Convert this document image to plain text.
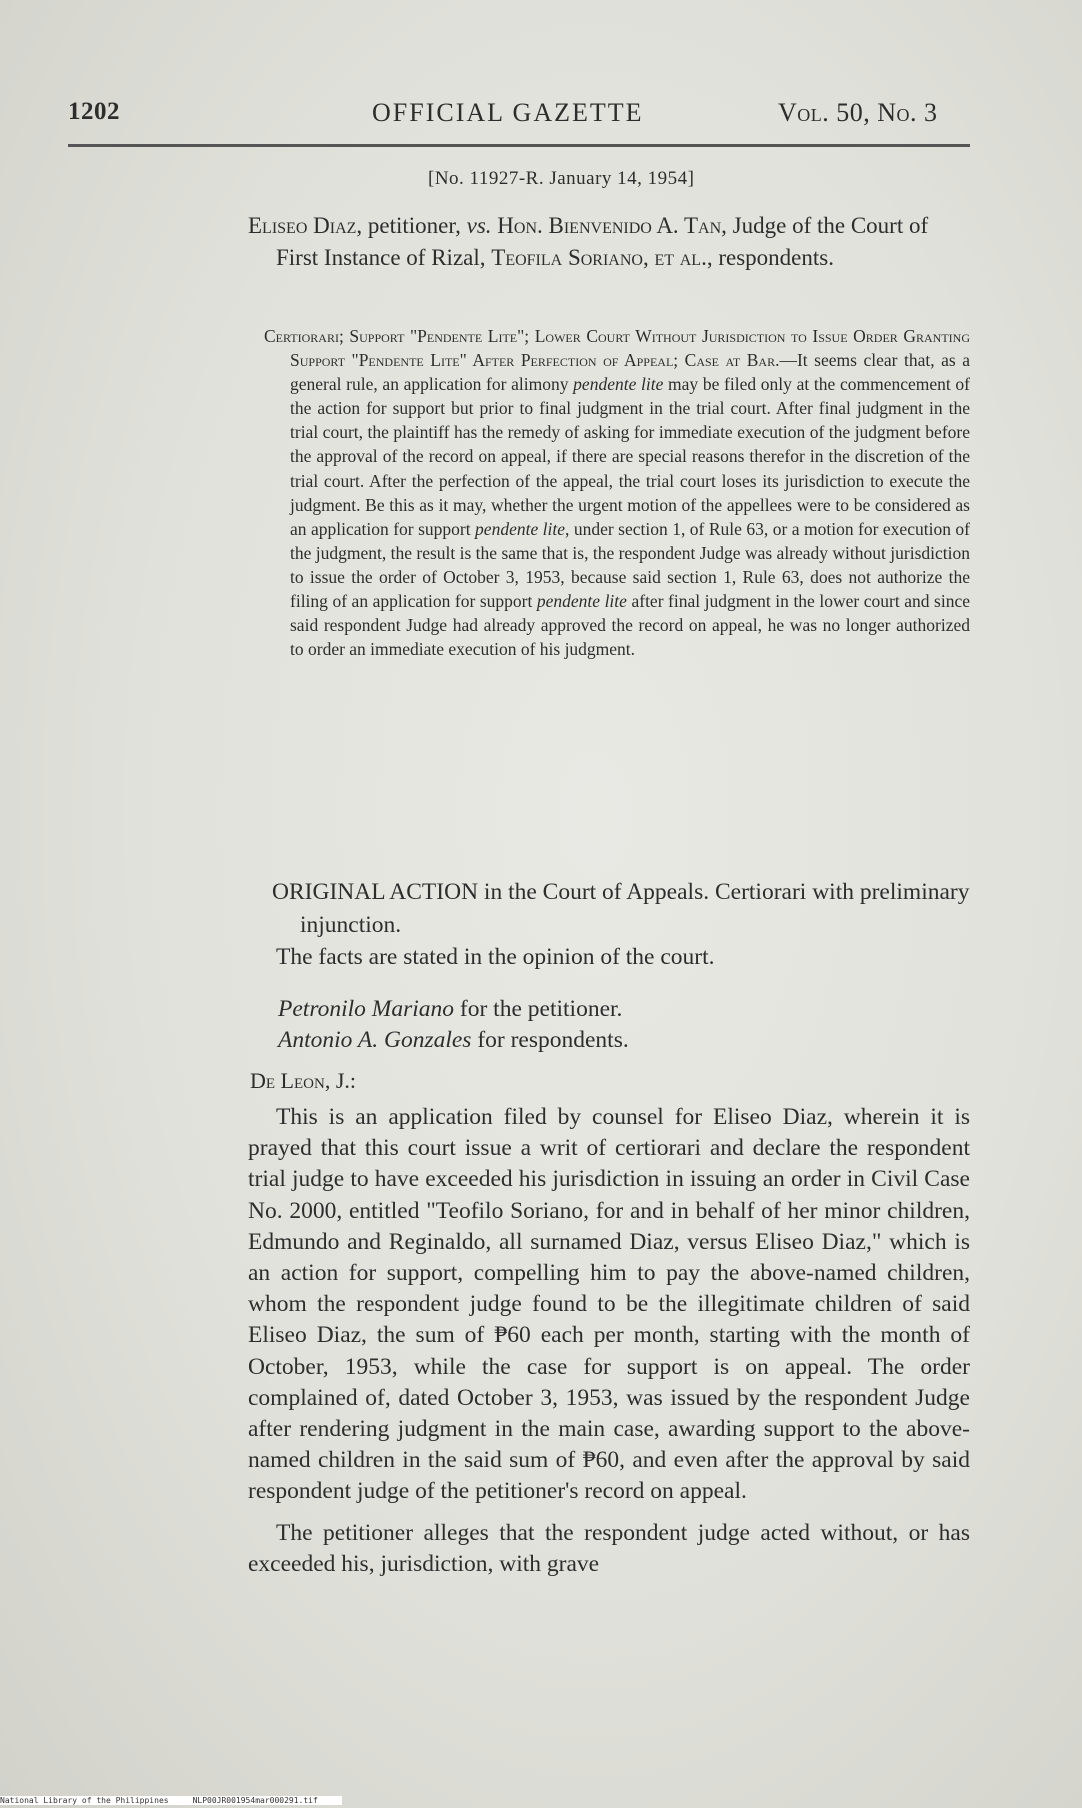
1202	OFFICIAL GAZETTE	Vol. 50, No. 3
[No. 11927-R. January 14, 1954]
Eliseo Diaz, petitioner, vs. Hon. Bienvenido A. Tan, Judge of the Court of First Instance of Rizal, Teofila Soriano, et al., respondents.
Certiorari; Support "Pendente Lite"; Lower Court Without Jurisdiction to Issue Order Granting Support "Pendente Lite" After Perfection of Appeal; Case at Bar.—It seems clear that, as a general rule, an application for alimony pendente lite may be filed only at the commencement of the action for support but prior to final judgment in the trial court. After final judgment in the trial court, the plaintiff has the remedy of asking for immediate execution of the judgment before the approval of the record on appeal, if there are special reasons therefor in the discretion of the trial court. After the perfection of the appeal, the trial court loses its jurisdiction to execute the judgment. Be this as it may, whether the urgent motion of the appellees were to be considered as an application for support pendente lite, under section 1, of Rule 63, or a motion for execution of the judgment, the result is the same that is, the respondent Judge was already without jurisdiction to issue the order of October 3, 1953, because said section 1, Rule 63, does not authorize the filing of an application for support pendente lite after final judgment in the lower court and since said respondent Judge had already approved the record on appeal, he was no longer authorized to order an immediate execution of his judgment.
ORIGINAL ACTION in the Court of Appeals. Certiorari with preliminary injunction.
The facts are stated in the opinion of the court.
Petronilo Mariano for the petitioner.
Antonio A. Gonzales for respondents.
De Leon, J.:

This is an application filed by counsel for Eliseo Diaz, wherein it is prayed that this court issue a writ of certiorari and declare the respondent trial judge to have exceeded his jurisdiction in issuing an order in Civil Case No. 2000, entitled "Teofilo Soriano, for and in behalf of her minor children, Edmundo and Reginaldo, all surnamed Diaz, versus Eliseo Diaz," which is an action for support, compelling him to pay the above-named children, whom the respondent judge found to be the illegitimate children of said Eliseo Diaz, the sum of ₱60 each per month, starting with the month of October, 1953, while the case for support is on appeal. The order complained of, dated October 3, 1953, was issued by the respondent Judge after rendering judgment in the main case, awarding support to the above-named children in the said sum of ₱60, and even after the approval by said respondent judge of the petitioner's record on appeal.

The petitioner alleges that the respondent judge acted without, or has exceeded his, jurisdiction, with grave

National Library of the Philippines	NLP00JR001954mar000291.tif
